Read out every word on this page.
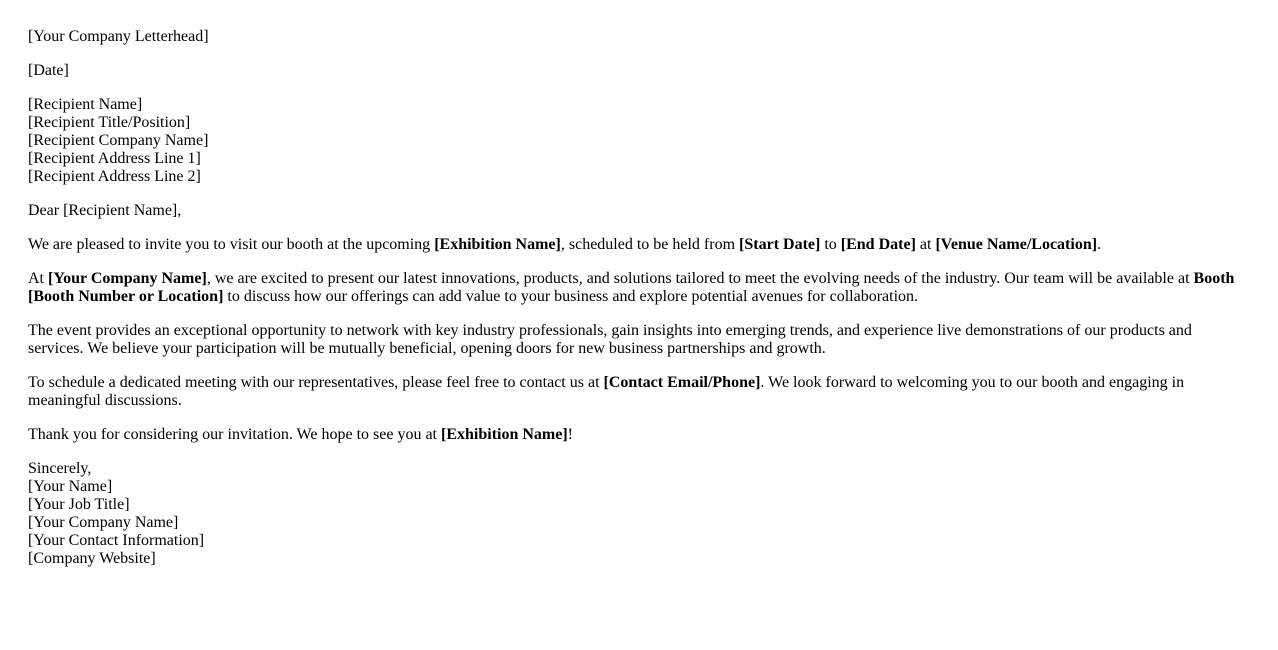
[Your Company Letterhead]

[Date]

[Recipient Name]
[Recipient Title/Position]
[Recipient Company Name]
[Recipient Address Line 1]
[Recipient Address Line 2]

Dear [Recipient Name],

We are pleased to invite you to visit our booth at the upcoming [Exhibition Name], scheduled to be held from [Start Date] to [End Date] at [Venue Name/Location].

At [Your Company Name], we are excited to present our latest innovations, products, and solutions tailored to meet the evolving needs of the industry. Our team will be available at Booth [Booth Number or Location] to discuss how our offerings can add value to your business and explore potential avenues for collaboration.

The event provides an exceptional opportunity to network with key industry professionals, gain insights into emerging trends, and experience live demonstrations of our products and services. We believe your participation will be mutually beneficial, opening doors for new business partnerships and growth.

To schedule a dedicated meeting with our representatives, please feel free to contact us at [Contact Email/Phone]. We look forward to welcoming you to our booth and engaging in meaningful discussions.

Thank you for considering our invitation. We hope to see you at [Exhibition Name]!

Sincerely,
[Your Name]
[Your Job Title]
[Your Company Name]
[Your Contact Information]
[Company Website]
